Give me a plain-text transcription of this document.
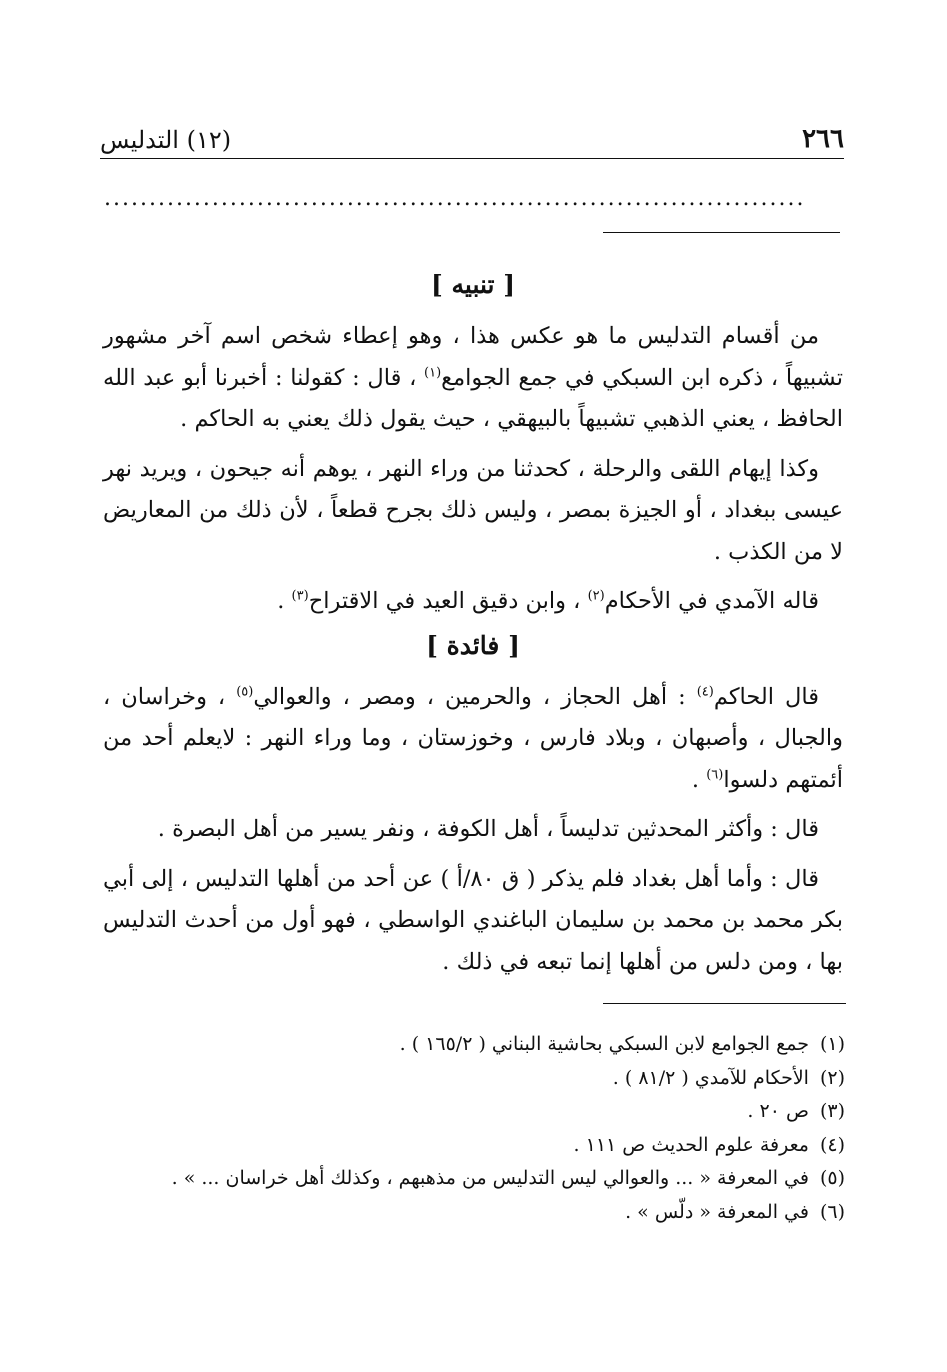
٢٦٦
(١٢) التدليس
..............................................................................
[ تنبيه ]

من أقسام التدليس ما هو عكس هذا ، وهو إعطاء شخص اسم آخر مشهور تشبيهاً ، ذكره ابن السبكي في جمع الجوامع$^{(١)}$ ، قال : كقولنا : أخبرنا أبو عبد الله الحافظ ، يعني الذهبي تشبيهاً بالبيهقي ، حيث يقول ذلك يعني به الحاكم .

وكذا إيهام اللقى والرحلة ، كحدثنا من وراء النهر ، يوهم أنه جيحون ، ويريد نهر عيسى ببغداد ، أو الجيزة بمصر ، وليس ذلك بجرح قطعاً ، لأن ذلك من المعاريض لا من الكذب .

قاله الآمدي في الأحكام$^{(٢)}$ ، وابن دقيق العيد في الاقتراح$^{(٣)}$ .

[ فائدة ]

قال الحاكم$^{(٤)}$ : أهل الحجاز ، والحرمين ، ومصر ، والعوالي$^{(٥)}$ ، وخراسان ، والجبال ، وأصبهان ، وبلاد فارس ، وخوزستان ، وما وراء النهر : لايعلم أحد من أئمتهم دلسوا$^{(٦)}$ .

قال : وأكثر المحدثين تدليساً ، أهل الكوفة ، ونفر يسير من أهل البصرة .

قال : وأما أهل بغداد فلم يذكر ( ق ٨٠/أ ) عن أحد من أهلها التدليس ، إلى أبي بكر محمد بن محمد بن سليمان الباغندي الواسطي ، فهو أول من أحدث التدليس بها ، ومن دلس من أهلها إنما تبعه في ذلك .

(١) جمع الجوامع لابن السبكي بحاشية البناني ( ١٦٥/٢ ) .
(٢) الأحكام للآمدي ( ٨١/٢ ) .
(٣) ص ٢٠ .
(٤) معرفة علوم الحديث ص ١١١ .
(٥) في المعرفة « ... والعوالي ليس التدليس من مذهبهم ، وكذلك أهل خراسان ... » .
(٦) في المعرفة « دلّس » .
